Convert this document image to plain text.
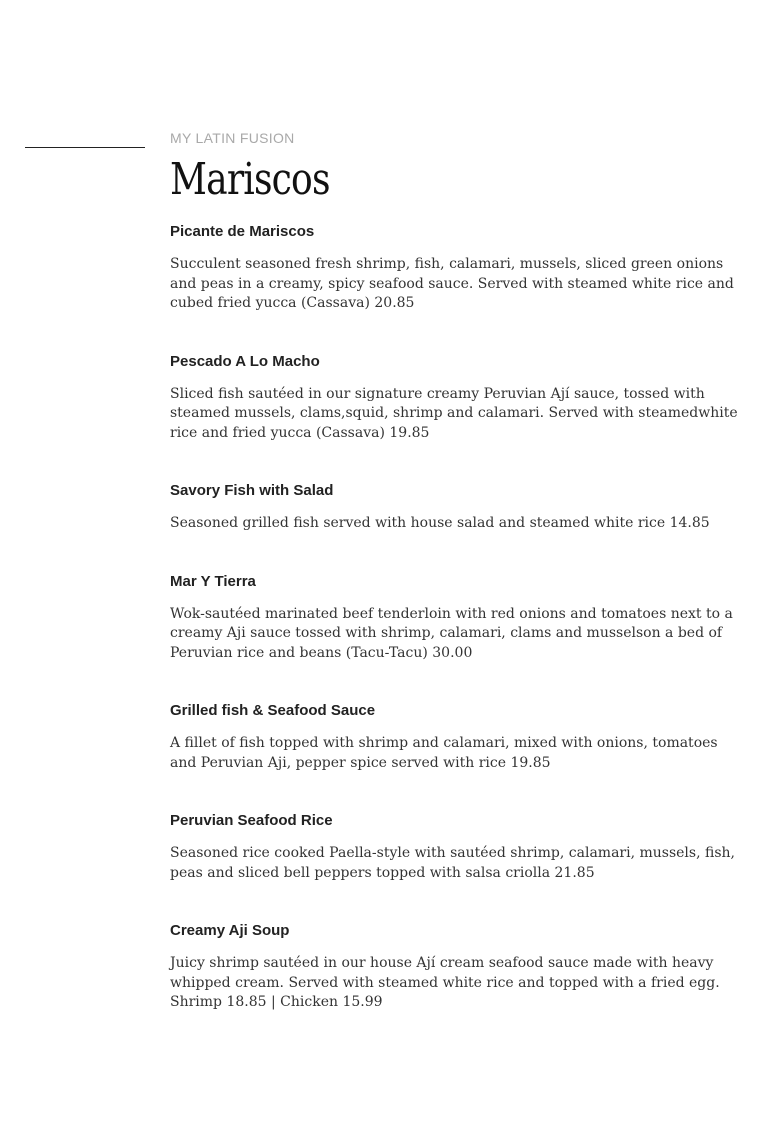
MY LATIN FUSION

Mariscos
Picante de Mariscos

Succulent seasoned fresh shrimp, fish, calamari, mussels, sliced green onions and peas in a creamy, spicy seafood sauce. Served with steamed white rice and cubed fried yucca (Cassava) 20.85

Pescado A Lo Macho

Sliced fish sautéed in our signature creamy Peruvian Ají sauce, tossed with steamed mussels, clams,squid, shrimp and calamari. Served with steamedwhite rice and fried yucca (Cassava) 19.85

Savory Fish with Salad

Seasoned grilled fish served with house salad and steamed white rice 14.85

Mar Y Tierra

Wok-sautéed marinated beef tenderloin with red onions and tomatoes next to a creamy Aji sauce tossed with shrimp, calamari, clams and musselson a bed of Peruvian rice and beans (Tacu-Tacu) 30.00

Grilled fish & Seafood Sauce

A fillet of fish topped with shrimp and calamari, mixed with onions, tomatoes and Peruvian Aji, pepper spice served with rice 19.85

Peruvian Seafood Rice

Seasoned rice cooked Paella-style with sautéed shrimp, calamari, mussels, fish, peas and sliced bell peppers topped with salsa criolla 21.85

Creamy Aji Soup

Juicy shrimp sautéed in our house Ají cream seafood sauce made with heavy whipped cream. Served with steamed white rice and topped with a fried egg. Shrimp 18.85 | Chicken 15.99
